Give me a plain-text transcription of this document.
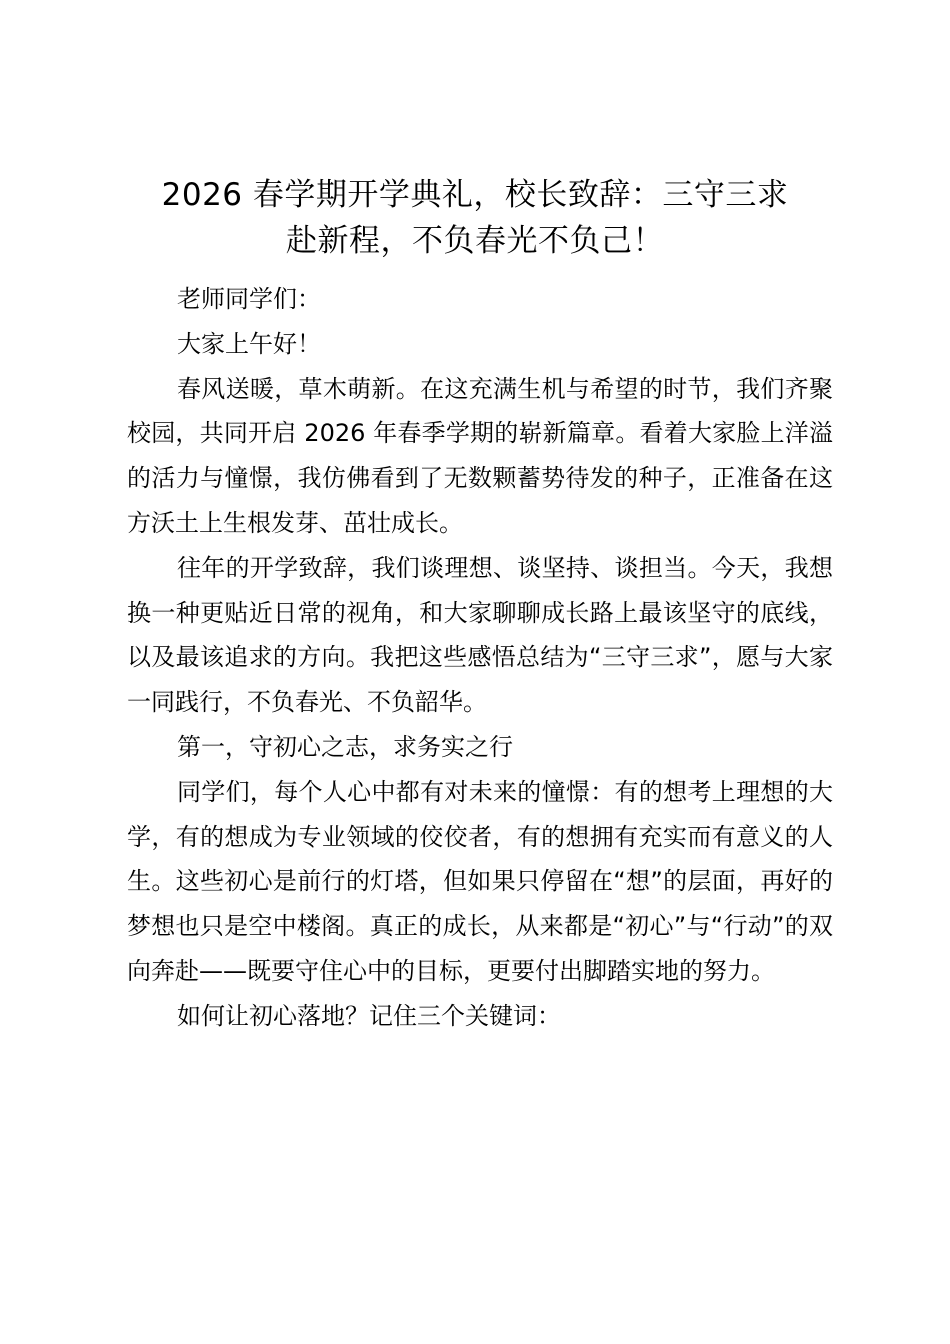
2026 春学期开学典礼，校长致辞：三守三求
赴新程，不负春光不负己！

老师同学们：

大家上午好！

春风送暖，草木萌新。在这充满生机与希望的时节，我们齐聚校园，共同开启 2026 年春季学期的崭新篇章。看着大家脸上洋溢的活力与憧憬，我仿佛看到了无数颗蓄势待发的种子，正准备在这方沃土上生根发芽、茁壮成长。

往年的开学致辞，我们谈理想、谈坚持、谈担当。今天，我想换一种更贴近日常的视角，和大家聊聊成长路上最该坚守的底线，以及最该追求的方向。我把这些感悟总结为“三守三求”，愿与大家一同践行，不负春光、不负韶华。

第一，守初心之志，求务实之行

同学们，每个人心中都有对未来的憧憬：有的想考上理想的大学，有的想成为专业领域的佼佼者，有的想拥有充实而有意义的人生。这些初心是前行的灯塔，但如果只停留在“想”的层面，再好的梦想也只是空中楼阁。真正的成长，从来都是“初心”与“行动”的双向奔赴——既要守住心中的目标，更要付出脚踏实地的努力。

如何让初心落地？记住三个关键词：
